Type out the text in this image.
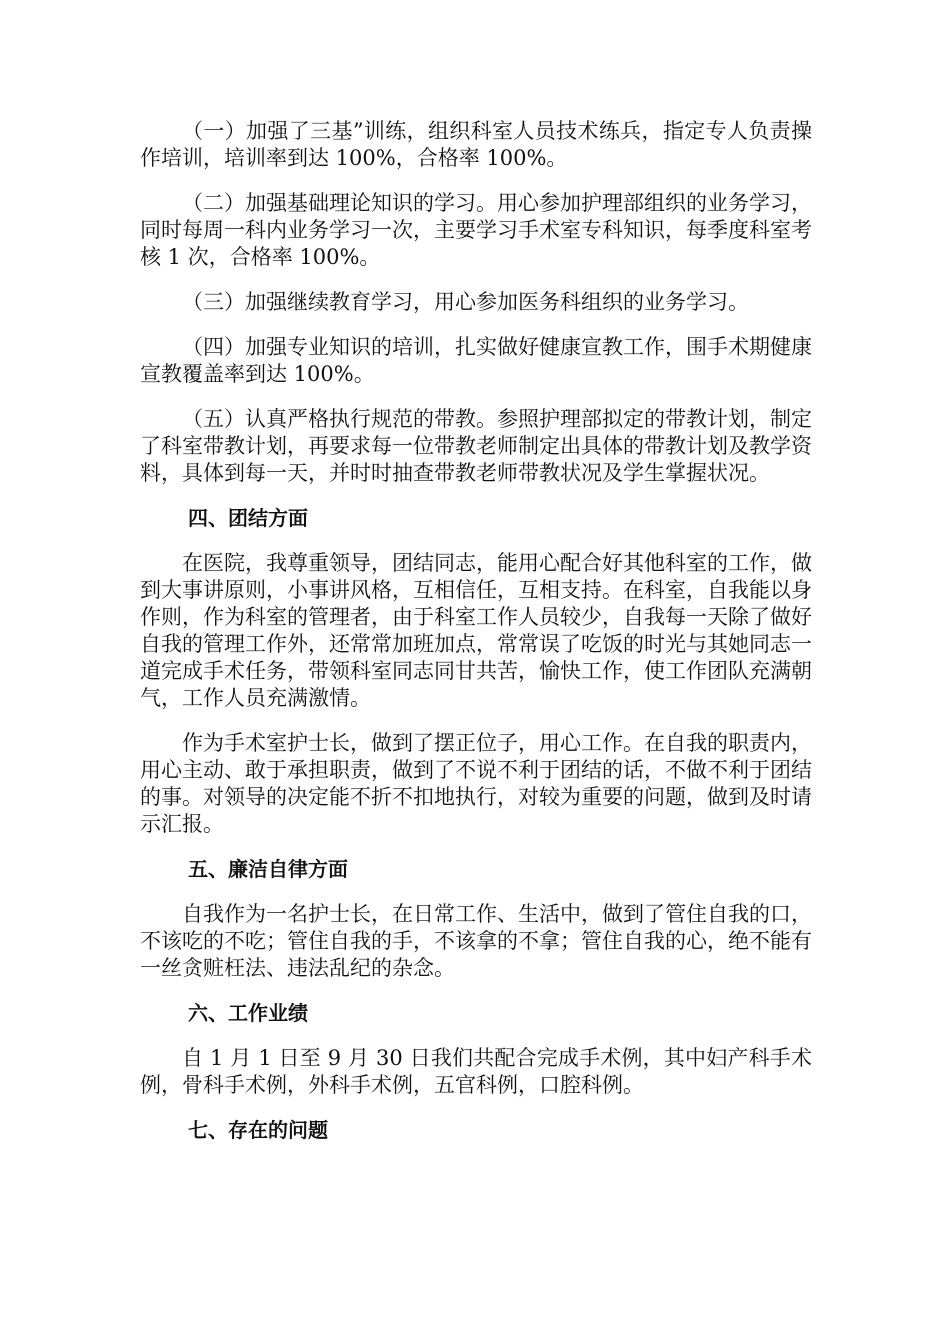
（一）加强了三基”训练，组织科室人员技术练兵，指定专人负责操作培训，培训率到达 100%，合格率 100%。

（二）加强基础理论知识的学习。用心参加护理部组织的业务学习，同时每周一科内业务学习一次，主要学习手术室专科知识，每季度科室考核 1 次，合格率 100%。

（三）加强继续教育学习，用心参加医务科组织的业务学习。

（四）加强专业知识的培训，扎实做好健康宣教工作，围手术期健康宣教覆盖率到达 100%。

（五）认真严格执行规范的带教。参照护理部拟定的带教计划，制定了科室带教计划，再要求每一位带教老师制定出具体的带教计划及教学资料，具体到每一天，并时时抽查带教老师带教状况及学生掌握状况。

四、团结方面

在医院，我尊重领导，团结同志，能用心配合好其他科室的工作，做到大事讲原则，小事讲风格，互相信任，互相支持。在科室，自我能以身作则，作为科室的管理者，由于科室工作人员较少，自我每一天除了做好自我的管理工作外，还常常加班加点，常常误了吃饭的时光与其她同志一道完成手术任务，带领科室同志同甘共苦，愉快工作，使工作团队充满朝气，工作人员充满激情。

作为手术室护士长，做到了摆正位子，用心工作。在自我的职责内，用心主动、敢于承担职责，做到了不说不利于团结的话，不做不利于团结的事。对领导的决定能不折不扣地执行，对较为重要的问题，做到及时请示汇报。

五、廉洁自律方面

自我作为一名护士长，在日常工作、生活中，做到了管住自我的口，不该吃的不吃；管住自我的手，不该拿的不拿；管住自我的心，绝不能有一丝贪赃枉法、违法乱纪的杂念。

六、工作业绩

自 1 月 1 日至 9 月 30 日我们共配合完成手术例，其中妇产科手术例，骨科手术例，外科手术例，五官科例，口腔科例。

七、存在的问题
